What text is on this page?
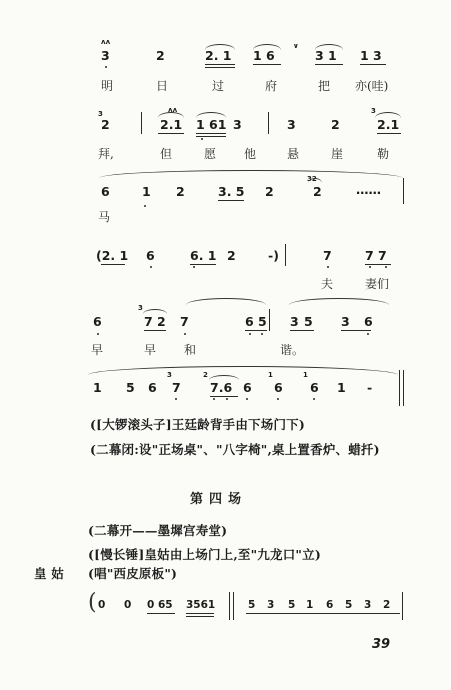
ʌʌ
3	2	2. 1 1 6	3 1 1 3
∨
明	日	过	府	把 亦(哇)
3	ʌʌ	3
2	2.1 1 61 3	3	2	2.1
拜,	但	愿 他	悬	崖	勒
6	1 2	3. 5 2
32
2	……
马
(2. 1 6	6. 1 2	-)	7	7 7
夫	妻们
3
6	7 2 7	6 5 3 5 3 6
早	早 和	谐。
3	2	1	1
1 5 6 7 7.6 6 6 6 1 -
([大锣滚头子]王廷龄背手由下场门下)
(二幕闭:设"正场桌"、"八字椅",桌上置香炉、蜡扦)
第四场
(二幕开——墨墀宫寿堂)
([慢长锤]皇姑由上场门上,至"九龙口"立)
皇 姑 (唱"西皮原板")
( 0 0 0 65 3561	5 3 5 1 6 5 3 2
39
